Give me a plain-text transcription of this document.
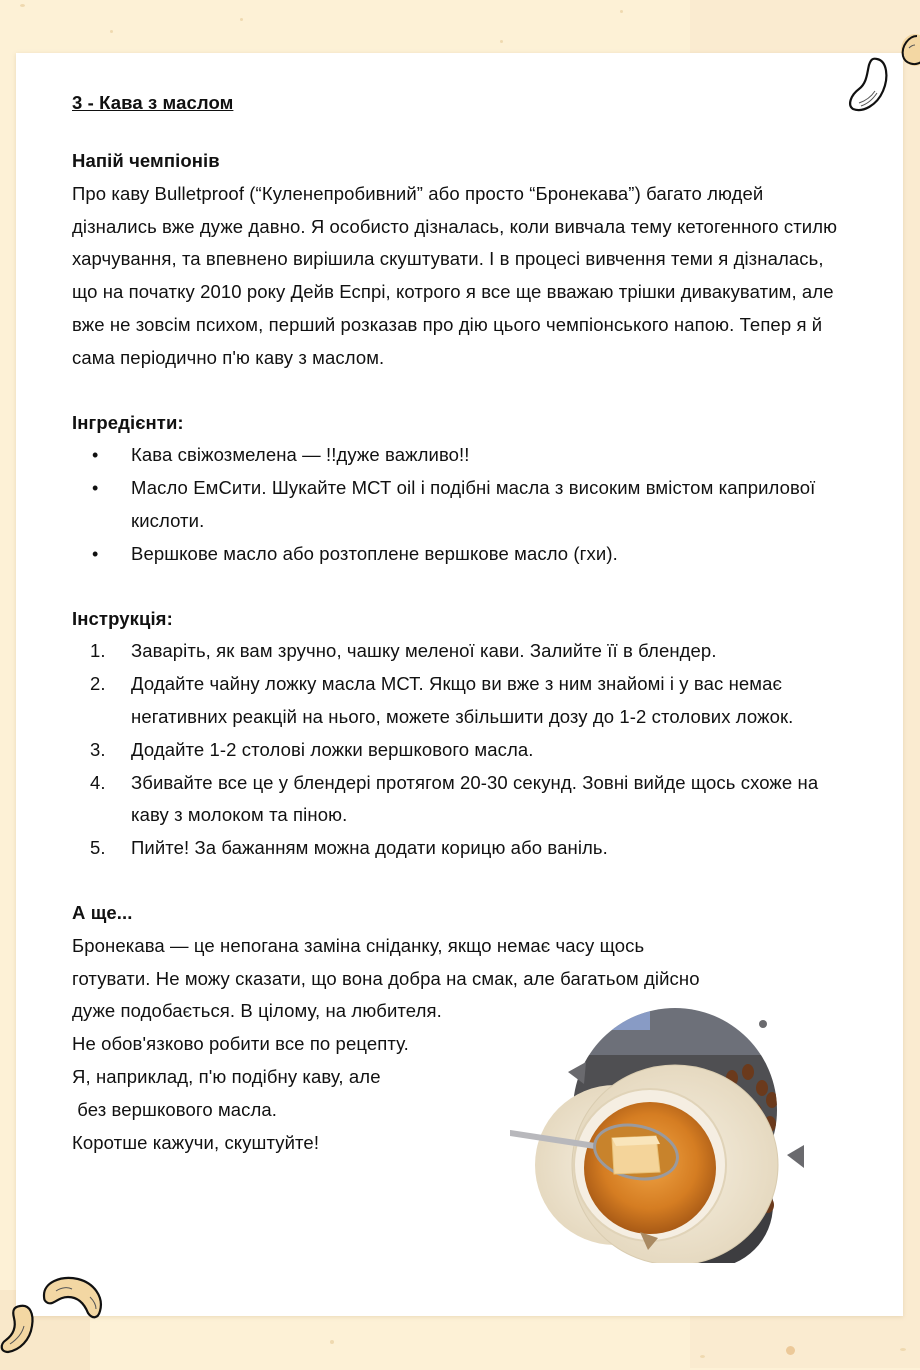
3 - Кава з маслом

Напій чемпіонів

Про каву Bulletproof (“Куленепробивний” або просто “Бронекава”) багато людей дізнались вже дуже давно. Я особисто дізналась, коли вивчала тему кетогенного стилю харчування, та впевнено вирішила скуштувати. І в процесі вивчення теми я дізналась, що на початку 2010 року Дейв Еспрі, котрого я все ще вважаю трішки дивакуватим, але вже не зовсім психом, перший розказав про дію цього чемпіонського напою. Тепер я й сама періодично п'ю каву з маслом.

Інгредієнти:

• Кава свіжозмелена — !!дуже важливо!!
• Масло ЕмСити. Шукайте МСТ oil і подібні масла з високим вмістом каприлової кислоти.
• Вершкове масло або розтоплене вершкове масло (гхи).

Інструкція:

1. Заваріть, як вам зручно, чашку меленої кави. Залийте її в блендер.
2. Додайте чайну ложку масла МСТ. Якщо ви вже з ним знайомі і у вас немає негативних реакцій на нього, можете збільшити дозу до 1-2 столових ложок.
3. Додайте 1-2 столові ложки вершкового масла.
4. Збивайте все це у блендері протягом 20-30 секунд. Зовні вийде щось схоже на каву з молоком та піною.
5. Пийте! За бажанням можна додати корицю або ваніль.

А ще...

Бронекава — це непогана заміна сніданку, якщо немає часу щось

готувати. Не можу сказати, що вона добра на смак, але багатьом дійсно

дуже подобається. В цілому, на любителя.

Не обов'язково робити все по рецепту.

Я, наприклад, п'ю подібну каву, але

без вершкового масла.

Коротше кажучи, скуштуйте!
